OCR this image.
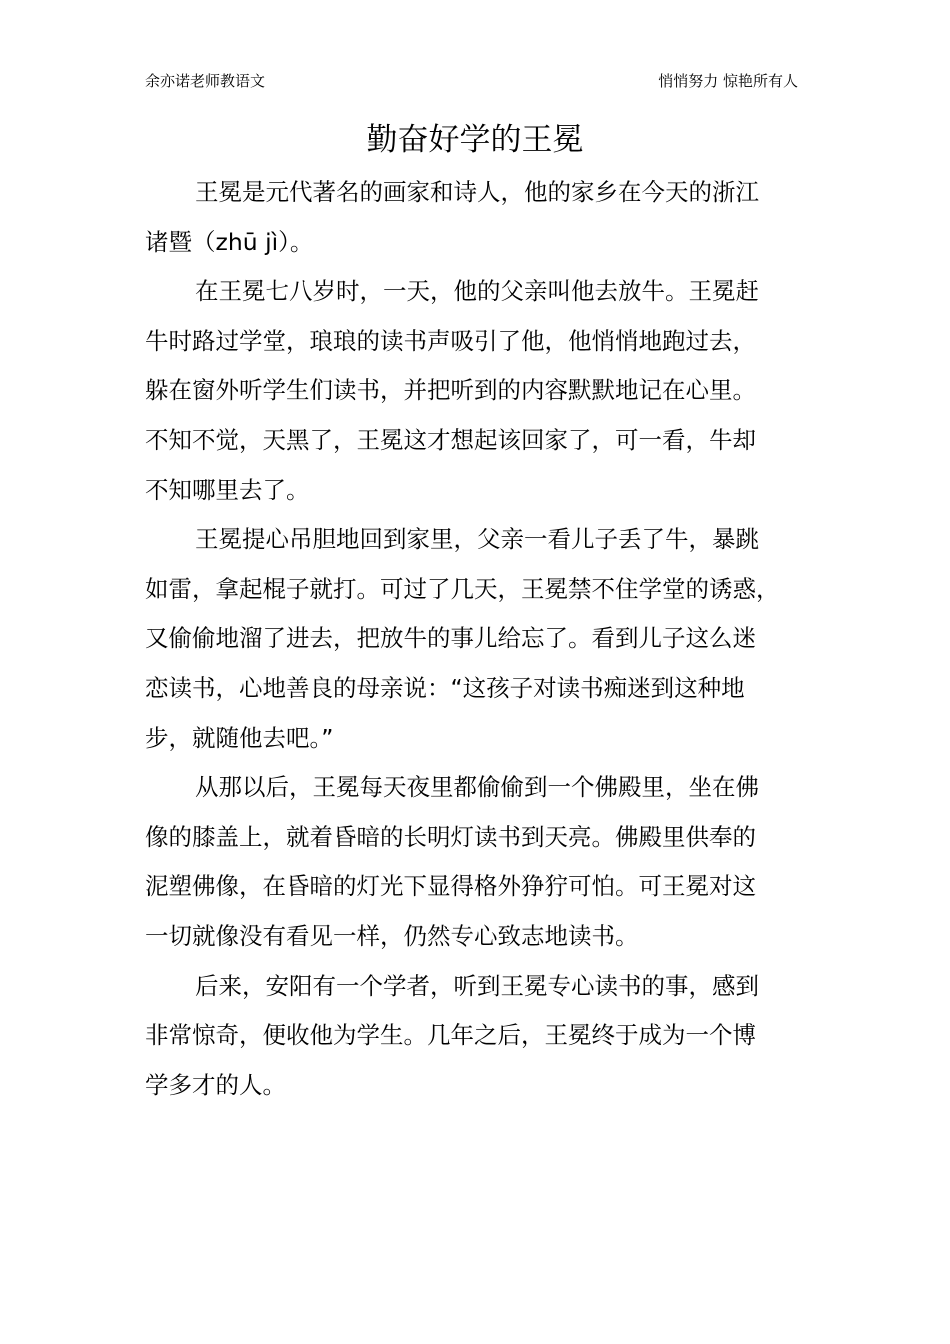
余亦诺老师教语文	悄悄努力 惊艳所有人
勤奋好学的王冕
王冕是元代著名的画家和诗人，他的家乡在今天的浙江
诸暨（zhū jì）。
在王冕七八岁时，一天，他的父亲叫他去放牛。王冕赶
牛时路过学堂，琅琅的读书声吸引了他，他悄悄地跑过去，
躲在窗外听学生们读书，并把听到的内容默默地记在心里。
不知不觉，天黑了，王冕这才想起该回家了，可一看，牛却
不知哪里去了。
王冕提心吊胆地回到家里，父亲一看儿子丢了牛，暴跳
如雷，拿起棍子就打。可过了几天，王冕禁不住学堂的诱惑，
又偷偷地溜了进去，把放牛的事儿给忘了。看到儿子这么迷
恋读书，心地善良的母亲说：“这孩子对读书痴迷到这种地
步，就随他去吧。”
从那以后，王冕每天夜里都偷偷到一个佛殿里，坐在佛
像的膝盖上，就着昏暗的长明灯读书到天亮。佛殿里供奉的
泥塑佛像，在昏暗的灯光下显得格外狰狞可怕。可王冕对这
一切就像没有看见一样，仍然专心致志地读书。
后来，安阳有一个学者，听到王冕专心读书的事，感到
非常惊奇，便收他为学生。几年之后，王冕终于成为一个博
学多才的人。
